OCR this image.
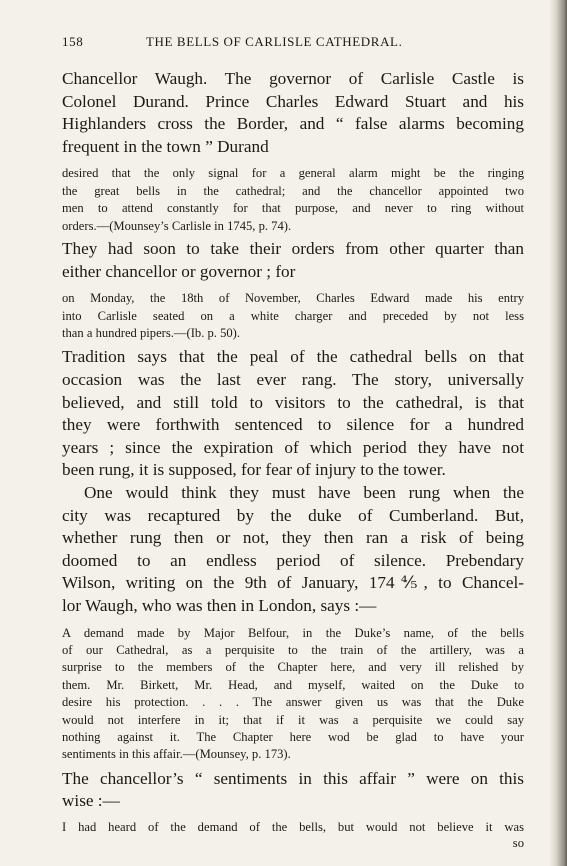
158	THE BELLS OF CARLISLE CATHEDRAL.
Chancellor Waugh. The governor of Carlisle Castle is
Colonel Durand. Prince Charles Edward Stuart and his
Highlanders cross the Border, and “ false alarms becoming
frequent in the town ” Durand
desired that the only signal for a general alarm might be the ringing
the great bells in the cathedral; and the chancellor appointed two
men to attend constantly for that purpose, and never to ring without
orders.—(Mounsey’s Carlisle in 1745, p. 74).
They had soon to take their orders from other quarter than
either chancellor or governor ; for
on Monday, the 18th of November, Charles Edward made his entry
into Carlisle seated on a white charger and preceded by not less
than a hundred pipers.—(Ib. p. 50).
Tradition says that the peal of the cathedral bells on that
occasion was the last ever rang. The story, universally
believed, and still told to visitors to the cathedral, is that
they were forthwith sentenced to silence for a hundred
years ; since the expiration of which period they have not
been rung, it is supposed, for fear of injury to the tower.
One would think they must have been rung when the
city was recaptured by the duke of Cumberland. But,
whether rung then or not, they then ran a risk of being
doomed to an endless period of silence. Prebendary
Wilson, writing on the 9th of January, 174⅘, to Chancel-
lor Waugh, who was then in London, says :—
A demand made by Major Belfour, in the Duke’s name, of the bells
of our Cathedral, as a perquisite to the train of the artillery, was a
surprise to the members of the Chapter here, and very ill relished by
them. Mr. Birkett, Mr. Head, and myself, waited on the Duke to
desire his protection. . . . The answer given us was that the Duke
would not interfere in it; that if it was a perquisite we could say
nothing against it. The Chapter here wod be glad to have your
sentiments in this affair.—(Mounsey, p. 173).
The chancellor’s “ sentiments in this affair ” were on this
wise :—
I had heard of the demand of the bells, but would not believe it was
so
